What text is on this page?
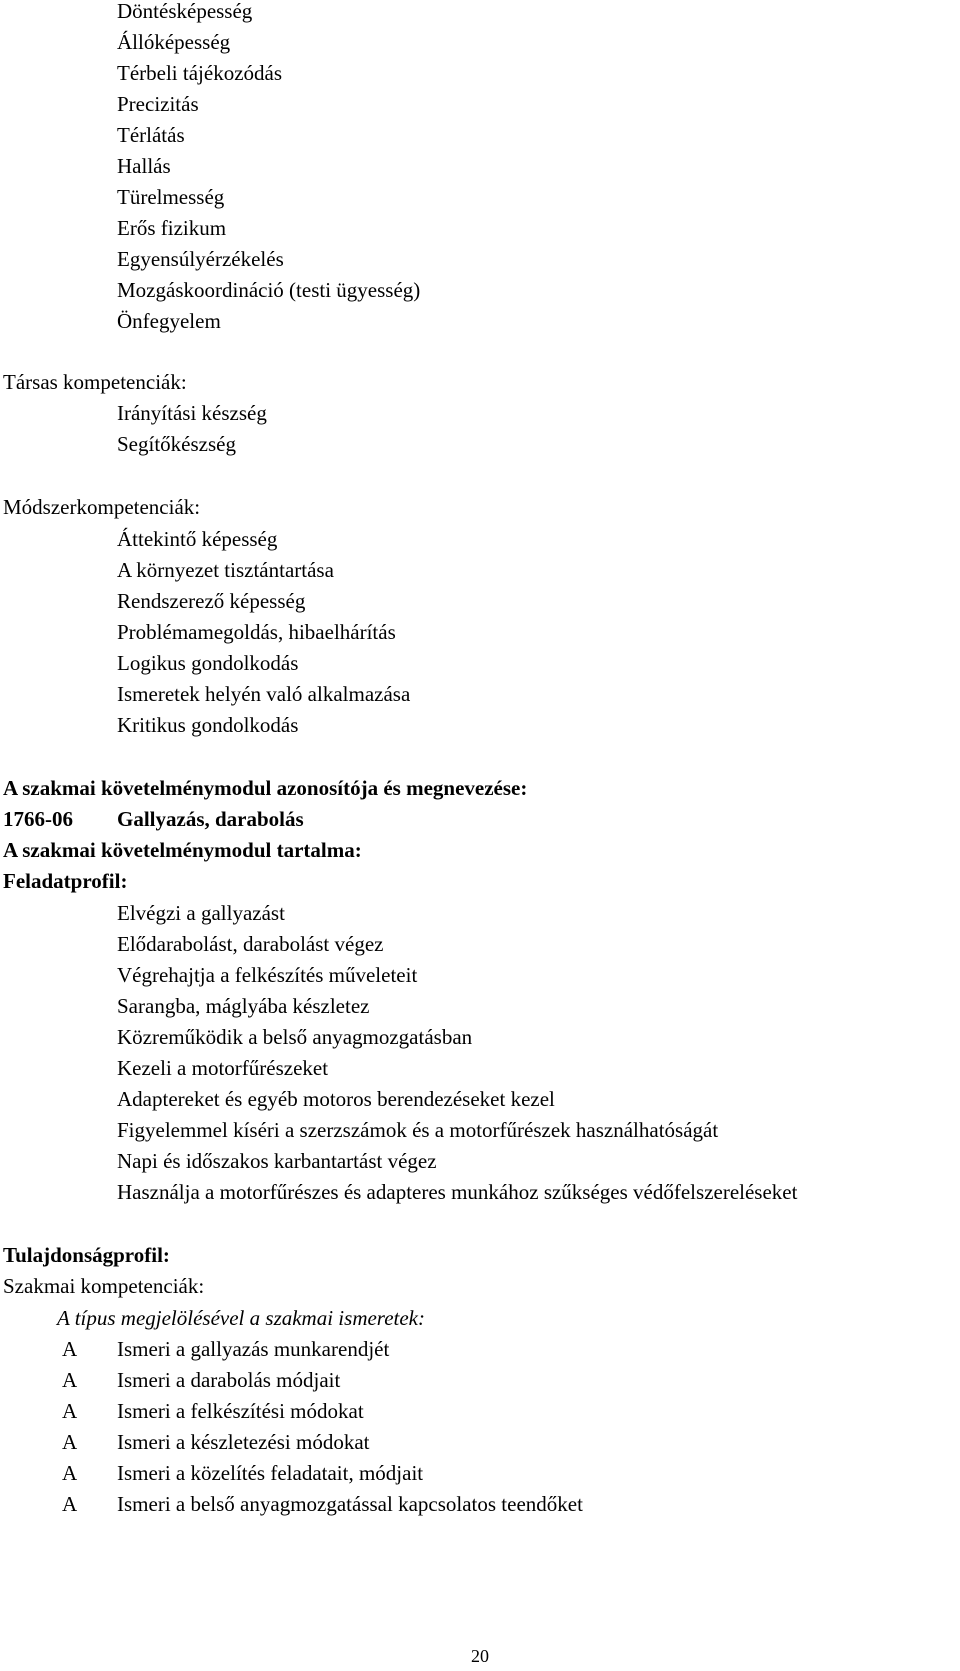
Döntésképesség
Állóképesség
Térbeli tájékozódás
Precizitás
Térlátás
Hallás
Türelmesség
Erős fizikum
Egyensúlyérzékelés
Mozgáskoordináció (testi ügyesség)
Önfegyelem
Társas kompetenciák:
Irányítási készség
Segítőkészség
Módszerkompetenciák:
Áttekintő képesség
A környezet tisztántartása
Rendszerező képesség
Problémamegoldás, hibaelhárítás
Logikus gondolkodás
Ismeretek helyén való alkalmazása
Kritikus gondolkodás
A szakmai követelménymodul azonosítója és megnevezése:
1766-06 Gallyazás, darabolás
A szakmai követelménymodul tartalma:
Feladatprofil:
Elvégzi a gallyazást
Elődarabolást, darabolást végez
Végrehajtja a felkészítés műveleteit
Sarangba, máglyába készletez
Közreműködik a belső anyagmozgatásban
Kezeli a motorfűrészeket
Adaptereket és egyéb motoros berendezéseket kezel
Figyelemmel kíséri a szerzszámok és a motorfűrészek használhatóságát
Napi és időszakos karbantartást végez
Használja a motorfűrészes és adapteres munkához szűkséges védőfelszereléseket
Tulajdonságprofil:
Szakmai kompetenciák:
A típus megjelölésével a szakmai ismeretek:
A Ismeri a gallyazás munkarendjét
A Ismeri a darabolás módjait
A Ismeri a felkészítési módokat
A Ismeri a készletezési módokat
A Ismeri a közelítés feladatait, módjait
A Ismeri a belső anyagmozgatással kapcsolatos teendőket
20
